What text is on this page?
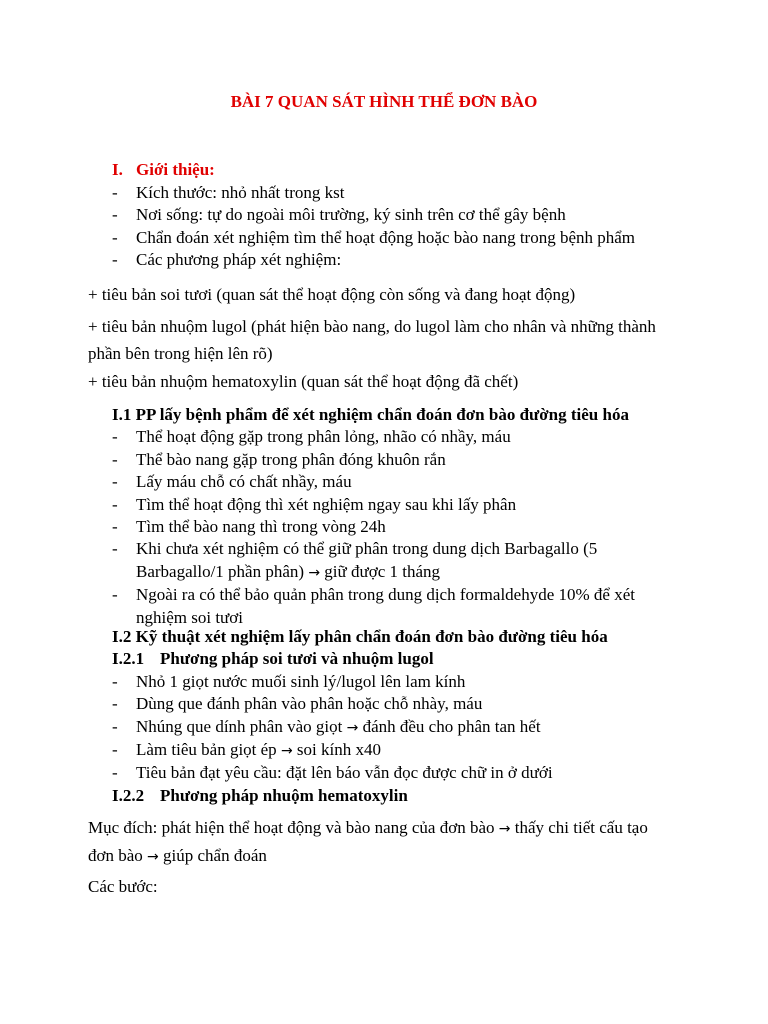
BÀI 7 QUAN SÁT HÌNH THỂ ĐƠN BÀO
I. Giới thiệu:
-	Kích thước: nhỏ nhất trong kst
-	Nơi sống: tự do ngoài môi trường, ký sinh trên cơ thể gây bệnh
-	Chẩn đoán xét nghiệm tìm thể hoạt động hoặc bào nang trong bệnh phẩm
-	Các phương pháp xét nghiệm:
+ tiêu bản soi tươi (quan sát thể hoạt động còn sống và đang hoạt động)
+ tiêu bản nhuộm lugol (phát hiện bào nang, do lugol làm cho nhân và những thành
phần bên trong hiện lên rõ)
+ tiêu bản nhuộm hematoxylin (quan sát thể hoạt động đã chết)
I.1 PP lấy bệnh phẩm để xét nghiệm chẩn đoán đơn bào đường tiêu hóa
-	Thể hoạt động gặp trong phân lỏng, nhão có nhầy, máu
-	Thể bào nang gặp trong phân đóng khuôn rắn
-	Lấy máu chỗ có chất nhầy, máu
-	Tìm thể hoạt động thì xét nghiệm ngay sau khi lấy phân
-	Tìm thể bào nang thì trong vòng 24h
-	Khi chưa xét nghiệm có thể giữ phân trong dung dịch Barbagallo (5
Barbagallo/1 phần phân) → giữ được 1 tháng
-	Ngoài ra có thể bảo quản phân trong dung dịch formaldehyde 10% để xét
nghiệm soi tươi
I.2 Kỹ thuật xét nghiệm lấy phân chẩn đoán đơn bào đường tiêu hóa
I.2.1 Phương pháp soi tươi và nhuộm lugol
-	Nhỏ 1 giọt nước muối sinh lý/lugol lên lam kính
-	Dùng que đánh phân vào phân hoặc chỗ nhày, máu
-	Nhúng que dính phân vào giọt → đánh đều cho phân tan hết
-	Làm tiêu bản giọt ép → soi kính x40
-	Tiêu bản đạt yêu cầu: đặt lên báo vẫn đọc được chữ in ở dưới
I.2.2 Phương pháp nhuộm hematoxylin
Mục đích: phát hiện thể hoạt động và bào nang của đơn bào → thấy chi tiết cấu tạo
đơn bào → giúp chẩn đoán
Các bước:
